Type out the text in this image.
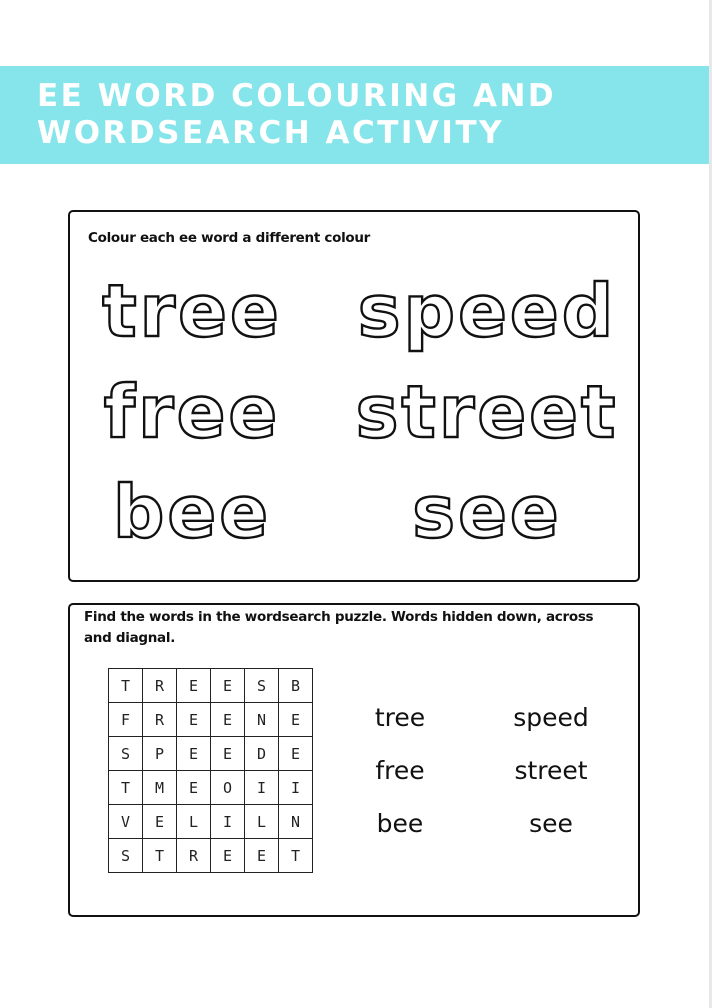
EE WORD COLOURING AND

WORDSEARCH ACTIVITY

Colour each ee word a different colour

tree speed
free street
bee see

Find the words in the wordsearch puzzle. Words hidden down, across and diagnal.

T	R	E	E	S	B
F	R	E	E	N	E
S	P	E	E	D	E
T	M	E	O	I	I
V	E	L	I	L	N
S	T	R	E	E	T

tree	speed

free	street

bee	see
